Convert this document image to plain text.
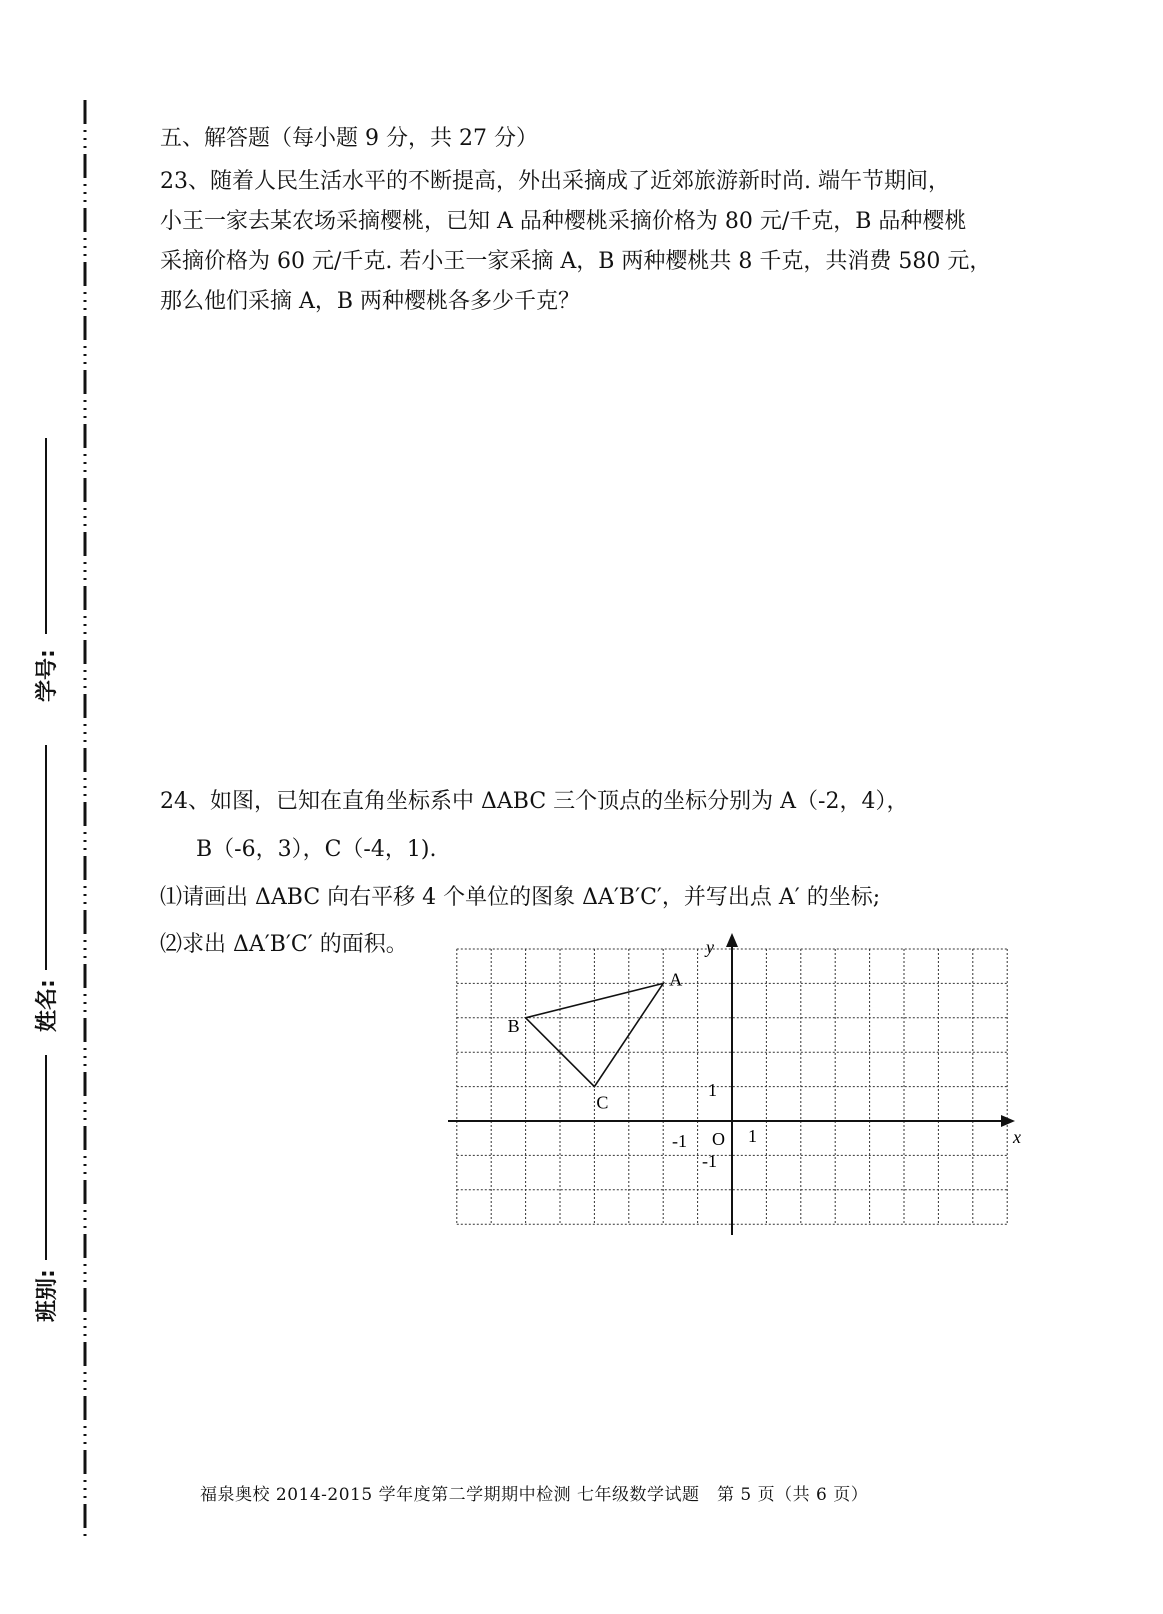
学号:
姓名:
班别:
五、解答题（每小题 9 分，共 27 分）
23、随着人民生活水平的不断提高，外出采摘成了近郊旅游新时尚. 端午节期间，
小王一家去某农场采摘樱桃，已知 A 品种樱桃采摘价格为 80 元/千克，B 品种樱桃
采摘价格为 60 元/千克. 若小王一家采摘 A，B 两种樱桃共 8 千克，共消费 580 元，
那么他们采摘 A，B 两种樱桃各多少千克？
24、如图，已知在直角坐标系中 ΔABC 三个顶点的坐标分别为 A（-2，4），
B（-6，3），C（-4，1).
⑴请画出 ΔABC 向右平移 4 个单位的图象 ΔA′B′C′，并写出点 A′ 的坐标;
⑵求出 ΔA′B′C′ 的面积。
A
B
C
x
y
O 1
-1
1
-1
福泉奥校 2014-2015 学年度第二学期期中检测 七年级数学试题　第 5 页（共 6 页）
